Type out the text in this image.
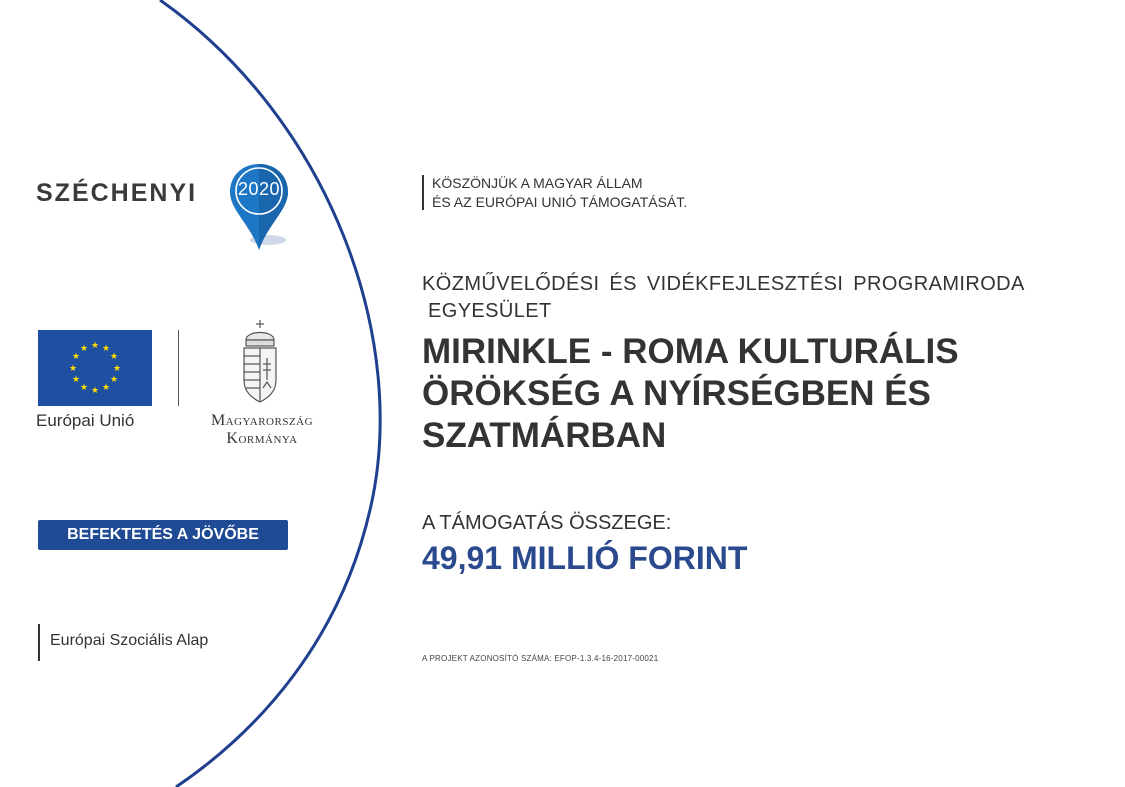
SZÉCHENYI	2020
★ ★
★
★
★
★
★
★
★
★
★
★
Európai Unió	Magyarország
Kormánya
BEFEKTETÉS A JÖVŐBE
Európai Szociális Alap
KÖSZÖNJÜK A MAGYAR ÁLLAM
ÉS AZ EURÓPAI UNIÓ TÁMOGATÁSÁT.
KÖZMŰVELŐDÉSI ÉS VIDÉKFEJLESZTÉSI PROGRAMIRODA
EGYESÜLET
MIRINKLE - ROMA KULTURÁLIS
ÖRÖKSÉG A NYÍRSÉGBEN ÉS
SZATMÁRBAN
A TÁMOGATÁS ÖSSZEGE:
49,91 MILLIÓ FORINT
A PROJEKT AZONOSÍTÓ SZÁMA: EFOP-1.3.4-16-2017-00021
